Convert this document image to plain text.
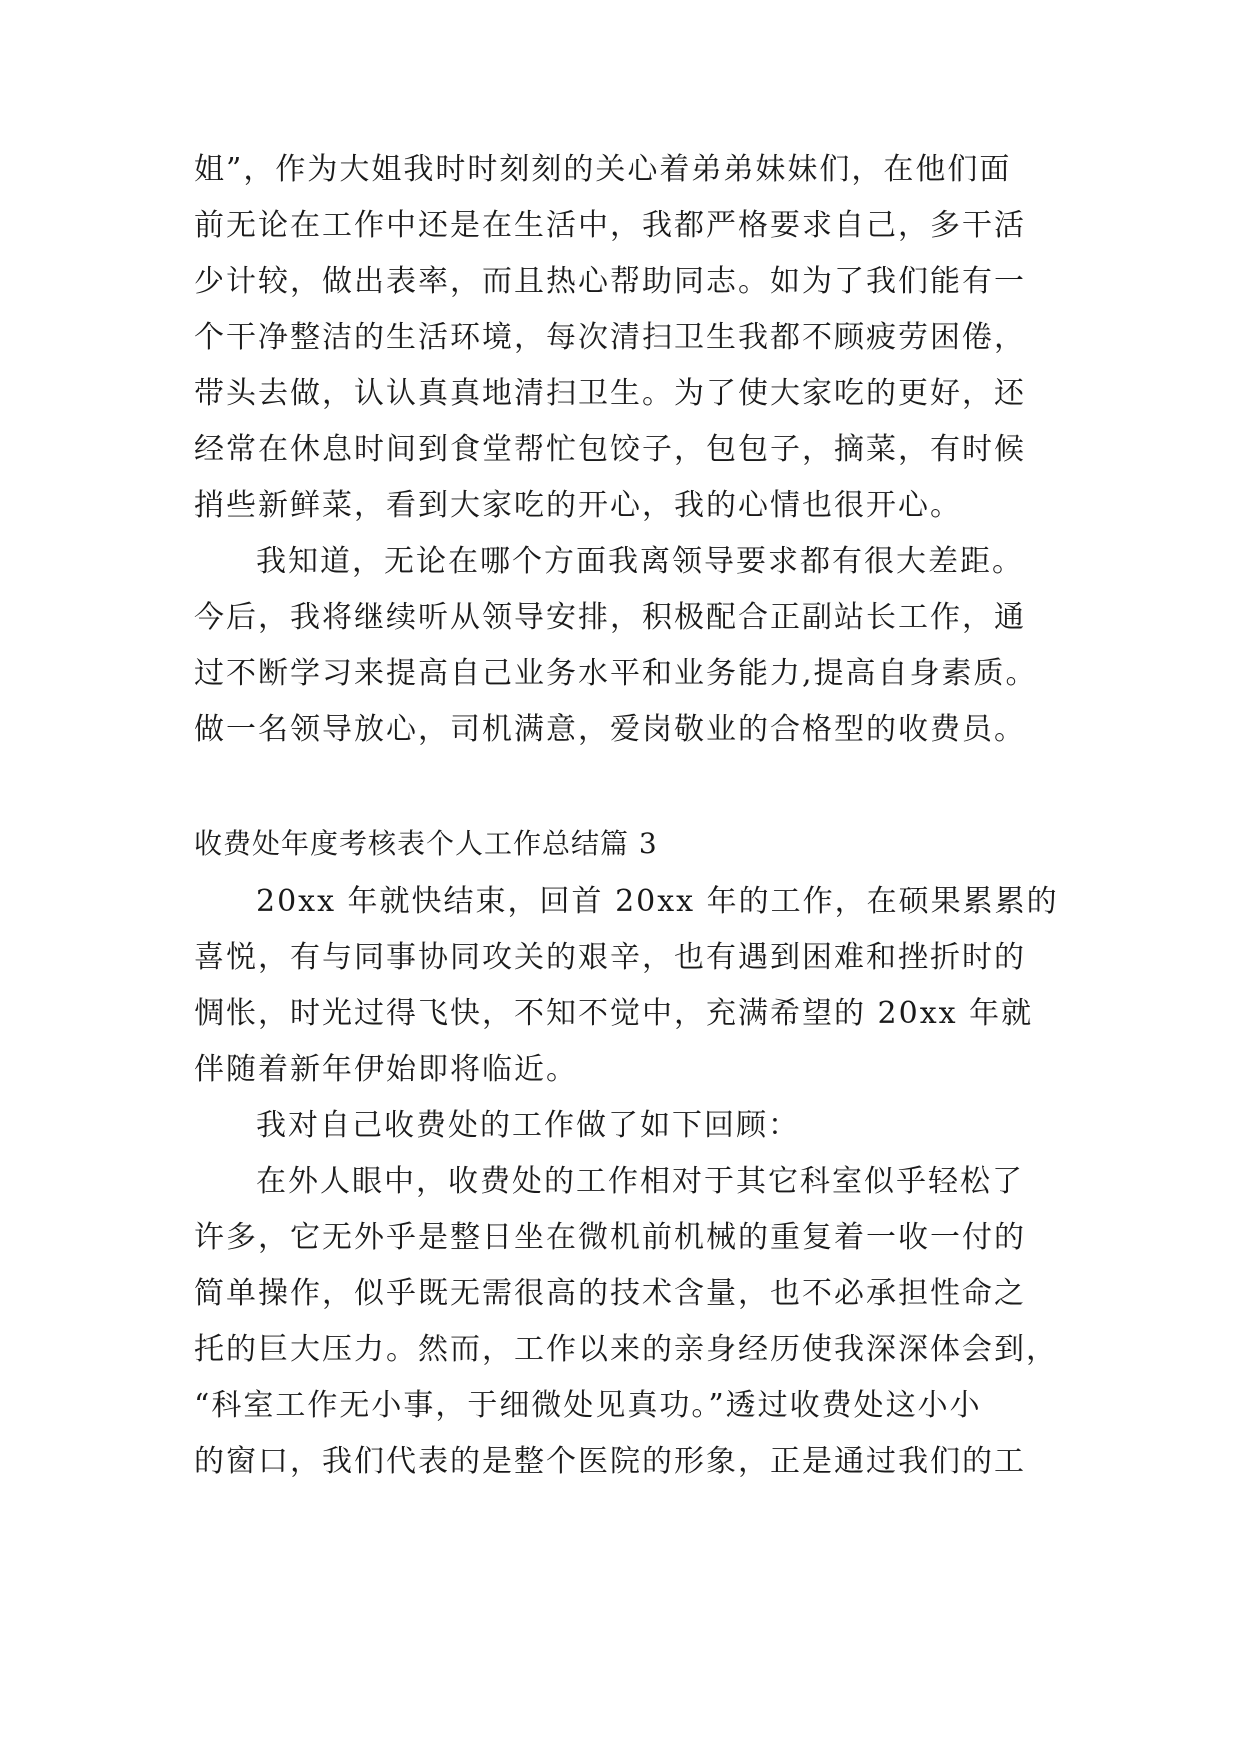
姐”，作为大姐我时时刻刻的关心着弟弟妹妹们，在他们面
前无论在工作中还是在生活中，我都严格要求自己，多干活
少计较，做出表率，而且热心帮助同志。如为了我们能有一
个干净整洁的生活环境，每次清扫卫生我都不顾疲劳困倦，
带头去做，认认真真地清扫卫生。为了使大家吃的更好，还
经常在休息时间到食堂帮忙包饺子，包包子，摘菜，有时候
捎些新鲜菜，看到大家吃的开心，我的心情也很开心。
我知道，无论在哪个方面我离领导要求都有很大差距。
今后，我将继续听从领导安排，积极配合正副站长工作，通
过不断学习来提高自己业务水平和业务能力,提高自身素质。
做一名领导放心，司机满意，爱岗敬业的合格型的收费员。
收费处年度考核表个人工作总结篇 3
20xx 年就快结束，回首 20xx 年的工作，在硕果累累的
喜悦，有与同事协同攻关的艰辛，也有遇到困难和挫折时的
惆怅，时光过得飞快，不知不觉中，充满希望的 20xx 年就
伴随着新年伊始即将临近。
我对自己收费处的工作做了如下回顾：
在外人眼中，收费处的工作相对于其它科室似乎轻松了
许多，它无外乎是整日坐在微机前机械的重复着一收一付的
简单操作，似乎既无需很高的技术含量，也不必承担性命之
托的巨大压力。然而，工作以来的亲身经历使我深深体会到，
“科室工作无小事，于细微处见真功。”透过收费处这小小
的窗口，我们代表的是整个医院的形象，正是通过我们的工
